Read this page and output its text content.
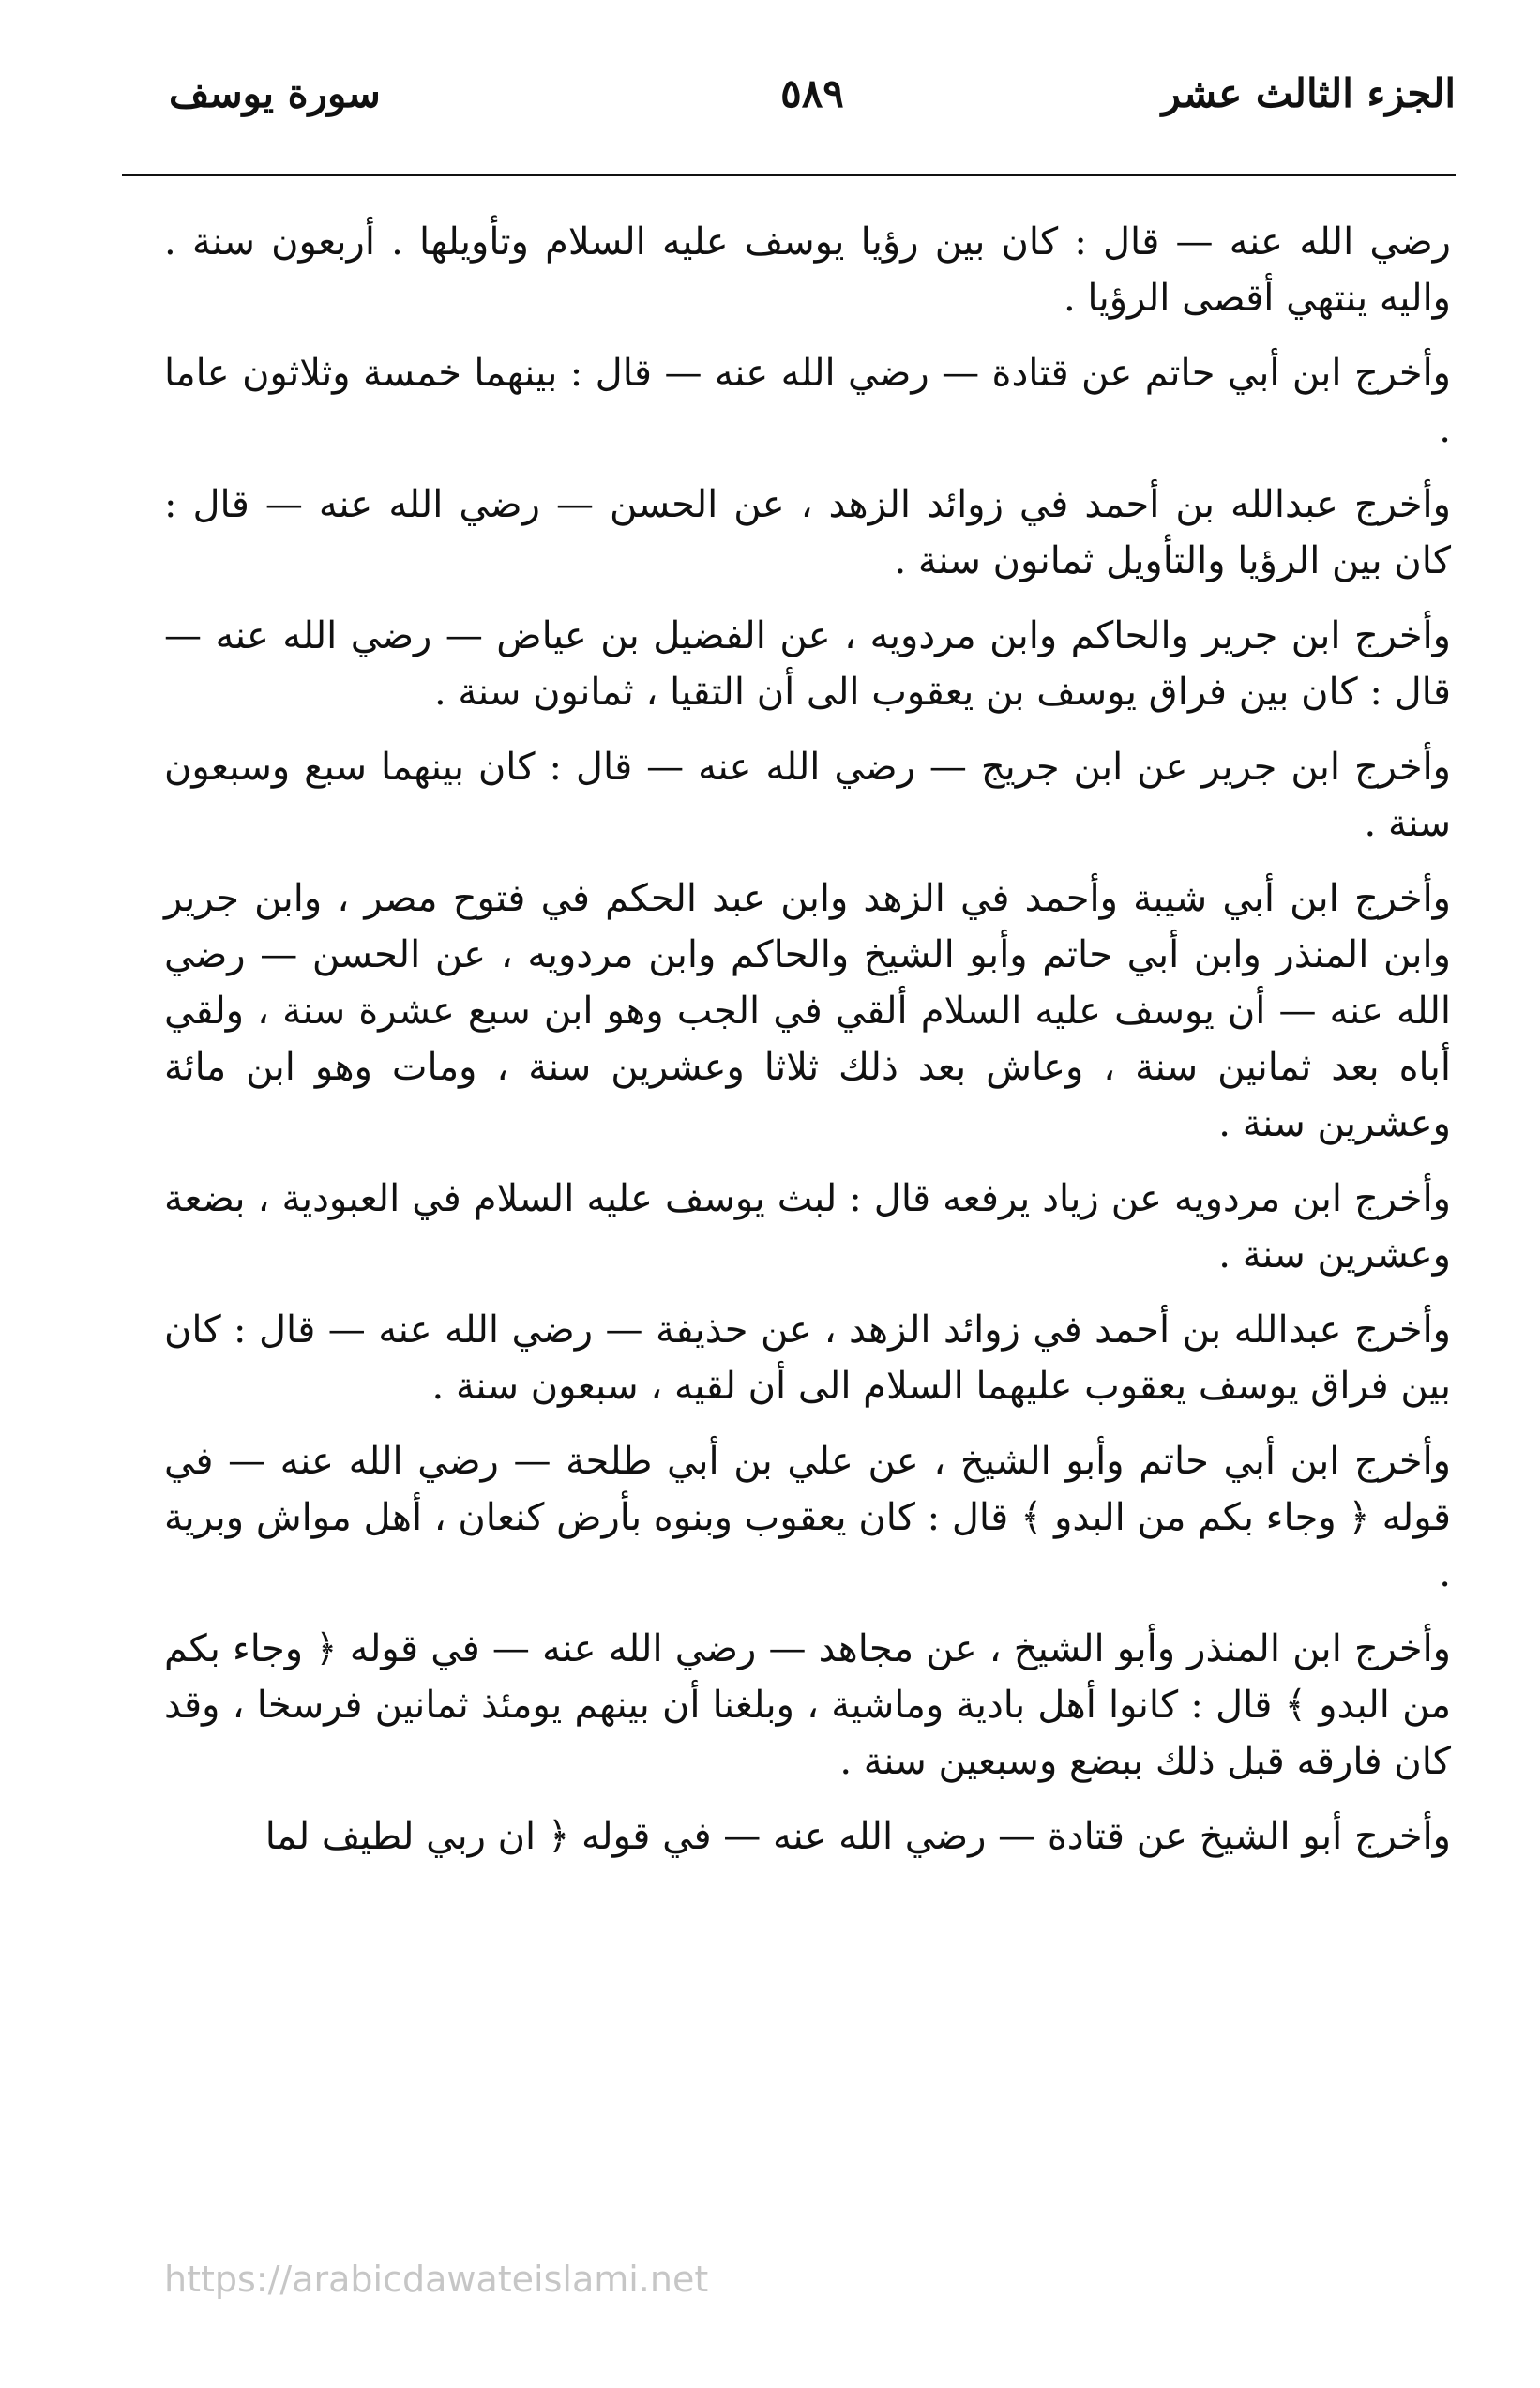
الجزء الثالث عشر
٥٨٩
سورة يوسف

رضي الله عنه — قال : كان بين رؤيا يوسف عليه السلام وتأويلها . أربعون سنة . واليه ينتهي أقصى الرؤيا .

وأخرج ابن أبي حاتم عن قتادة — رضي الله عنه — قال : بينهما خمسة وثلاثون عاما .

وأخرج عبدالله بن أحمد في زوائد الزهد ، عن الحسن — رضي الله عنه — قال : كان بين الرؤيا والتأويل ثمانون سنة .

وأخرج ابن جرير والحاكم وابن مردويه ، عن الفضيل بن عياض — رضي الله عنه — قال : كان بين فراق يوسف بن يعقوب الى أن التقيا ، ثمانون سنة .

وأخرج ابن جرير عن ابن جريج — رضي الله عنه — قال : كان بينهما سبع وسبعون سنة .

وأخرج ابن أبي شيبة وأحمد في الزهد وابن عبد الحكم في فتوح مصر ، وابن جرير وابن المنذر وابن أبي حاتم وأبو الشيخ والحاكم وابن مردويه ، عن الحسن — رضي الله عنه — أن يوسف عليه السلام ألقي في الجب وهو ابن سبع عشرة سنة ، ولقي أباه بعد ثمانين سنة ، وعاش بعد ذلك ثلاثا وعشرين سنة ، ومات وهو ابن مائة وعشرين سنة .

وأخرج ابن مردويه عن زياد يرفعه قال : لبث يوسف عليه السلام في العبودية ، بضعة وعشرين سنة .

وأخرج عبدالله بن أحمد في زوائد الزهد ، عن حذيفة — رضي الله عنه — قال : كان بين فراق يوسف يعقوب عليهما السلام الى أن لقيه ، سبعون سنة .

وأخرج ابن أبي حاتم وأبو الشيخ ، عن علي بن أبي طلحة — رضي الله عنه — في قوله ﴿ وجاء بكم من البدو ﴾ قال : كان يعقوب وبنوه بأرض كنعان ، أهل مواش وبرية .

وأخرج ابن المنذر وأبو الشيخ ، عن مجاهد — رضي الله عنه — في قوله ﴿ وجاء بكم من البدو ﴾ قال : كانوا أهل بادية وماشية ، وبلغنا أن بينهم يومئذ ثمانين فرسخا ، وقد كان فارقه قبل ذلك ببضع وسبعين سنة .

وأخرج أبو الشيخ عن قتادة — رضي الله عنه — في قوله ﴿ ان ربي لطيف لما

https://arabicdawateislami.net
